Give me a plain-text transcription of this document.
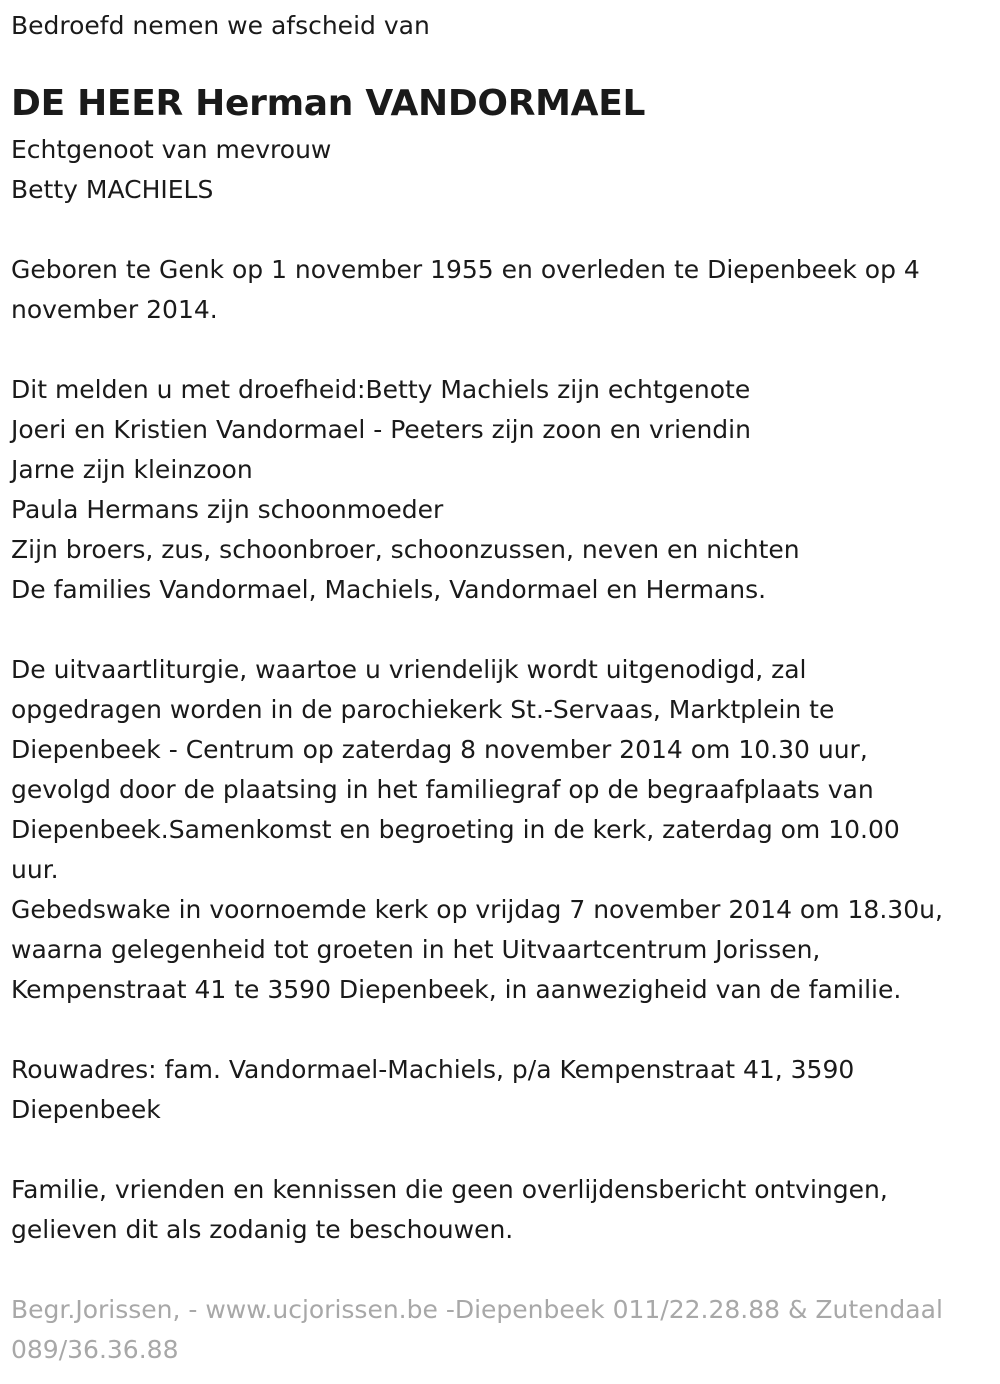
Bedroefd nemen we afscheid van

DE HEER Herman VANDORMAEL

Echtgenoot van mevrouw

Betty MACHIELS

Geboren te Genk op 1 november 1955 en overleden te Diepenbeek op 4

november 2014.

Dit melden u met droefheid:Betty Machiels zijn echtgenote

Joeri en Kristien Vandormael - Peeters zijn zoon en vriendin

Jarne zijn kleinzoon

Paula Hermans zijn schoonmoeder

Zijn broers, zus, schoonbroer, schoonzussen, neven en nichten

De families Vandormael, Machiels, Vandormael en Hermans.

De uitvaartliturgie, waartoe u vriendelijk wordt uitgenodigd, zal

opgedragen worden in de parochiekerk St.-Servaas, Marktplein te

Diepenbeek - Centrum op zaterdag 8 november 2014 om 10.30 uur,

gevolgd door de plaatsing in het familiegraf op de begraafplaats van

Diepenbeek.Samenkomst en begroeting in de kerk, zaterdag om 10.00

uur.

Gebedswake in voornoemde kerk op vrijdag 7 november 2014 om 18.30u,

waarna gelegenheid tot groeten in het Uitvaartcentrum Jorissen,

Kempenstraat 41 te 3590 Diepenbeek, in aanwezigheid van de familie.

Rouwadres: fam. Vandormael-Machiels, p/a Kempenstraat 41, 3590

Diepenbeek

Familie, vrienden en kennissen die geen overlijdensbericht ontvingen,

gelieven dit als zodanig te beschouwen.

Begr.Jorissen, - www.ucjorissen.be -Diepenbeek 011/22.28.88 & Zutendaal

089/36.36.88
